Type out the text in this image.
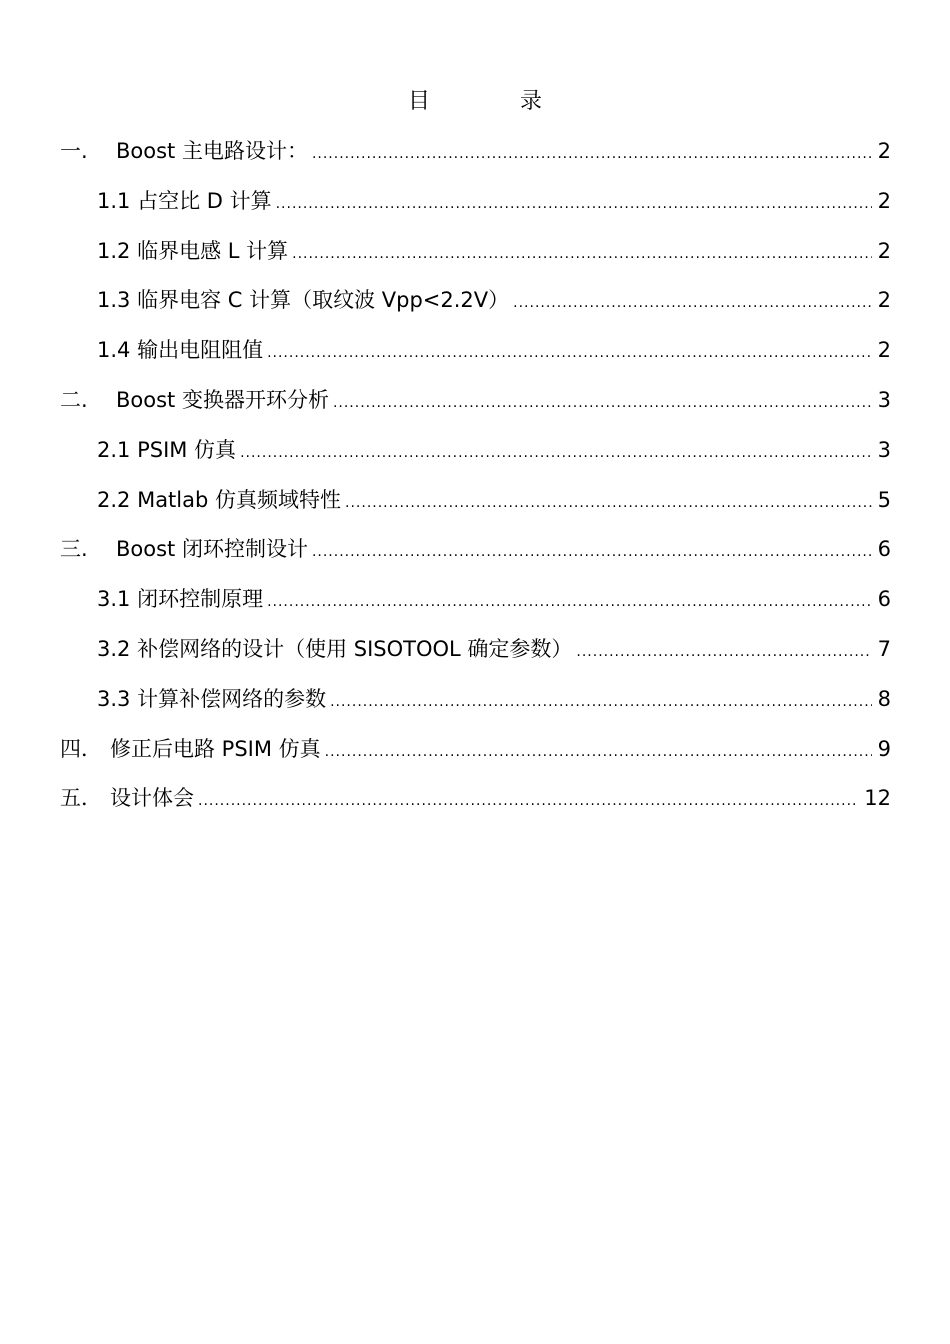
目　录
一.	Boost 主电路设计： .....	2
1.1 占空比 D 计算 .....	2
1.2 临界电感 L 计算 .....	2
1.3 临界电容 C 计算（取纹波 Vpp<2.2V） .....	2
1.4 输出电阻阻值 .....	2
二.	Boost 变换器开环分析 .....	3
2.1 PSIM 仿真 .....	3
2.2 Matlab 仿真频域特性 .....	5
三.	Boost 闭环控制设计 .....	6
3.1 闭环控制原理 .....	6
3.2 补偿网络的设计（使用 SISOTOOL 确定参数） .....	7
3.3 计算补偿网络的参数 .....	8
四． 修正后电路 PSIM 仿真 .....	9
五． 设计体会 .....	12
